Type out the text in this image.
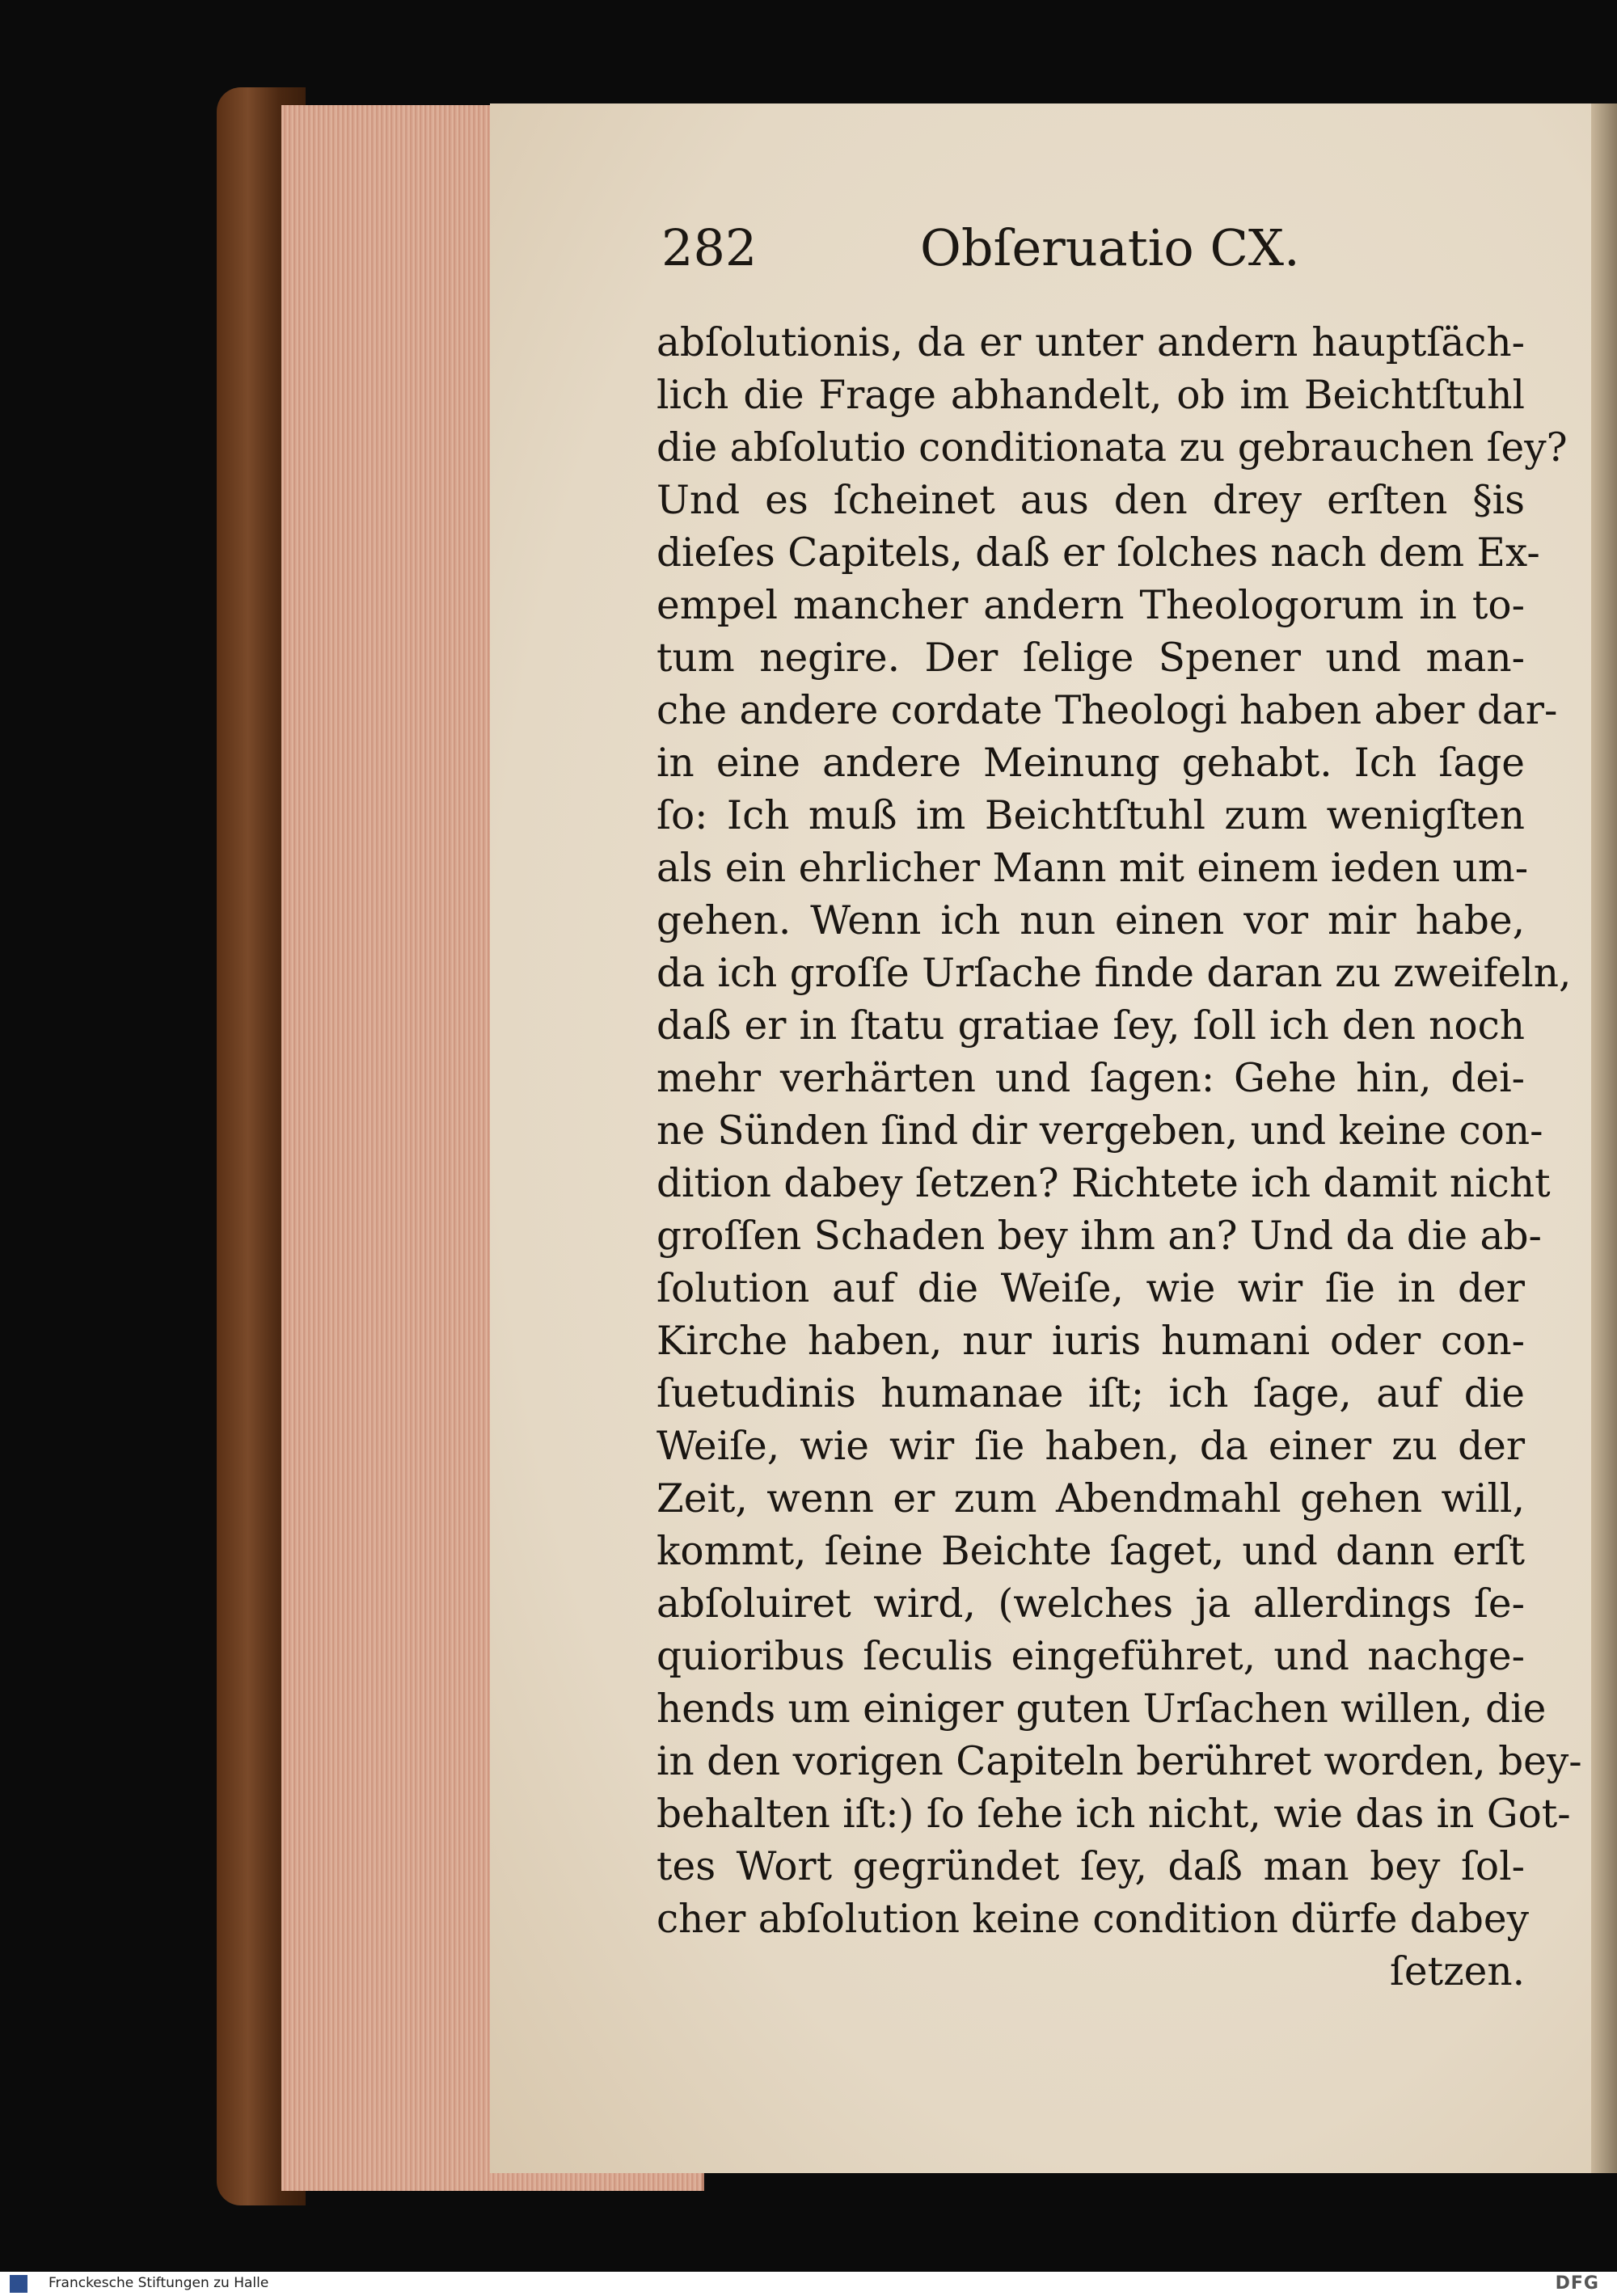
282	Obſeruatio CX.
abſolutionis, da er unter andern hauptſäch-
lich die Frage abhandelt, ob im Beichtſtuhl
die abſolutio conditionata zu gebrauchen ſey?
Und es ſcheinet aus den drey erſten §is
dieſes Capitels, daß er ſolches nach dem Ex-
empel mancher andern Theologorum in to-
tum negire. Der ſelige Spener und man-
che andere cordate Theologi haben aber dar-
in eine andere Meinung gehabt. Ich ſage
ſo: Ich muß im Beichtſtuhl zum wenigſten
als ein ehrlicher Mann mit einem ieden um-
gehen. Wenn ich nun einen vor mir habe,
da ich groſſe Urſache finde daran zu zweifeln,
daß er in ſtatu gratiae ſey, ſoll ich den noch
mehr verhärten und ſagen: Gehe hin, dei-
ne Sünden ſind dir vergeben, und keine con-
dition dabey ſetzen? Richtete ich damit nicht
groſſen Schaden bey ihm an? Und da die ab-
ſolution auf die Weiſe, wie wir ſie in der
Kirche haben, nur iuris humani oder con-
ſuetudinis humanae iſt; ich ſage, auf die
Weiſe, wie wir ſie haben, da einer zu der
Zeit, wenn er zum Abendmahl gehen will,
kommt, ſeine Beichte ſaget, und dann erſt
abſoluiret wird, (welches ja allerdings ſe-
quioribus ſeculis eingeführet, und nachge-
hends um einiger guten Urſachen willen, die
in den vorigen Capiteln berühret worden, bey-
behalten iſt:) ſo ſehe ich nicht, wie das in Got-
tes Wort gegründet ſey, daß man bey ſol-
cher abſolution keine condition dürfe dabey
ſetzen.
Franckesche Stiftungen zu Halle	DFG
